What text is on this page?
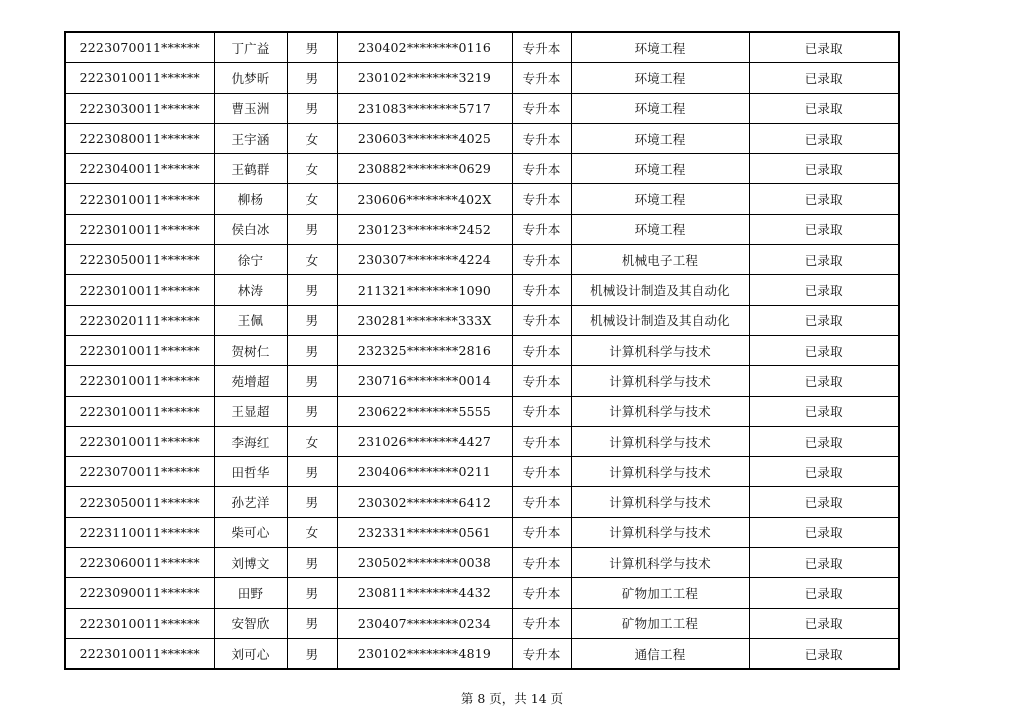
2223070011******	丁广益	男	230402********0116	专升本	环境工程	已录取
2223010011******	仇梦昕	男	230102********3219	专升本	环境工程	已录取
2223030011******	曹玉洲	男	231083********5717	专升本	环境工程	已录取
2223080011******	王宇涵	女	230603********4025	专升本	环境工程	已录取
2223040011******	王鹤群	女	230882********0629	专升本	环境工程	已录取
2223010011******	柳杨	女	230606********402X	专升本	环境工程	已录取
2223010011******	侯白冰	男	230123********2452	专升本	环境工程	已录取
2223050011******	徐宁	女	230307********4224	专升本	机械电子工程	已录取
2223010011******	林涛	男	211321********1090	专升本	机械设计制造及其自动化	已录取
2223020111******	王佩	男	230281********333X	专升本	机械设计制造及其自动化	已录取
2223010011******	贺树仁	男	232325********2816	专升本	计算机科学与技术	已录取
2223010011******	苑增超	男	230716********0014	专升本	计算机科学与技术	已录取
2223010011******	王显超	男	230622********5555	专升本	计算机科学与技术	已录取
2223010011******	李海红	女	231026********4427	专升本	计算机科学与技术	已录取
2223070011******	田哲华	男	230406********0211	专升本	计算机科学与技术	已录取
2223050011******	孙艺洋	男	230302********6412	专升本	计算机科学与技术	已录取
2223110011******	柴可心	女	232331********0561	专升本	计算机科学与技术	已录取
2223060011******	刘博文	男	230502********0038	专升本	计算机科学与技术	已录取
2223090011******	田野	男	230811********4432	专升本	矿物加工工程	已录取
2223010011******	安智欣	男	230407********0234	专升本	矿物加工工程	已录取
2223010011******	刘可心	男	230102********4819	专升本	通信工程	已录取
第 8 页，共 14 页
